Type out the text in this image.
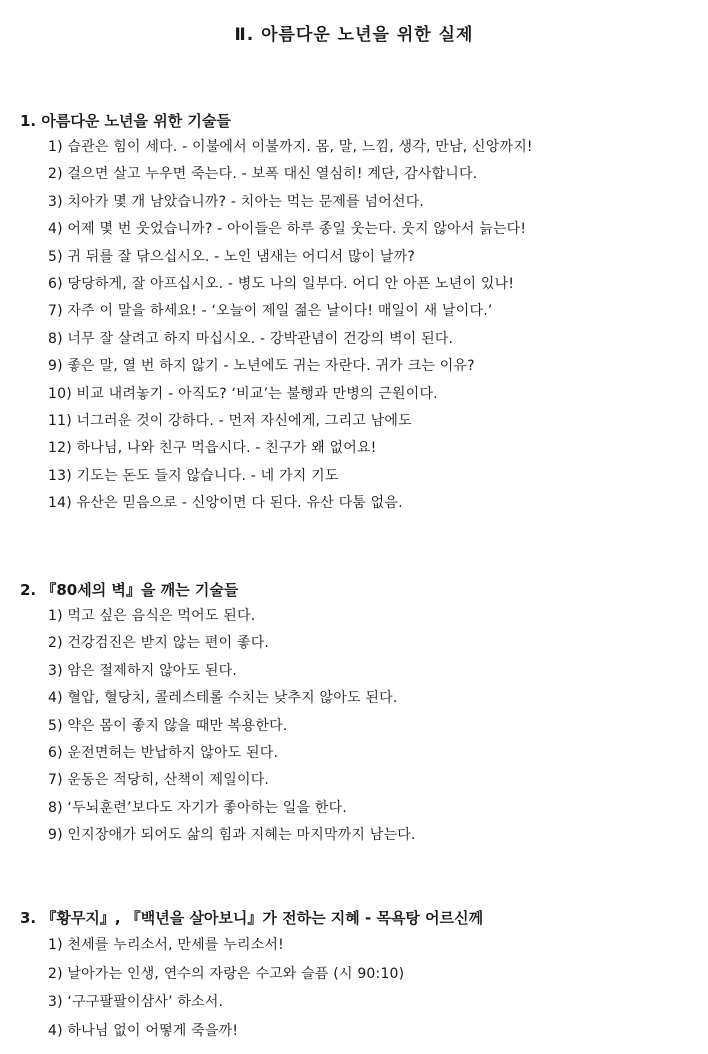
Ⅱ. 아름다운 노년을 위한 실제
1. 아름다운 노년을 위한 기술들
1) 습관은 힘이 세다. - 이불에서 이불까지. 몸, 말, 느낌, 생각, 만남, 신앙까지!
2) 걸으면 살고 누우면 죽는다. - 보폭 대신 열심히! 계단, 감사합니다.
3) 치아가 몇 개 남았습니까? - 치아는 먹는 문제를 넘어선다.
4) 어제 몇 번 웃었습니까? - 아이들은 하루 종일 웃는다. 웃지 않아서 늙는다!
5) 귀 뒤를 잘 닦으십시오. - 노인 냄새는 어디서 많이 날까?
6) 당당하게, 잘 아프십시오. - 병도 나의 일부다. 어디 안 아픈 노년이 있나!
7) 자주 이 말을 하세요! - ‘오늘이 제일 젊은 날이다! 매일이 새 날이다.’
8) 너무 잘 살려고 하지 마십시오. - 강박관념이 건강의 벽이 된다.
9) 좋은 말, 열 번 하지 않기 - 노년에도 귀는 자란다. 귀가 크는 이유?
10) 비교 내려놓기 - 아직도? ‘비교’는 불행과 만병의 근원이다.
11) 너그러운 것이 강하다. - 먼저 자신에게, 그리고 남에도
12) 하나님, 나와 친구 먹읍시다. - 친구가 왜 없어요!
13) 기도는 돈도 들지 않습니다. - 네 가지 기도
14) 유산은 믿음으로 - 신앙이면 다 된다. 유산 다툼 없음.
2. 『80세의 벽』을 깨는 기술들
1) 먹고 싶은 음식은 먹어도 된다.
2) 건강검진은 받지 않는 편이 좋다.
3) 암은 절제하지 않아도 된다.
4) 혈압, 혈당치, 콜레스테롤 수치는 낮추지 않아도 된다.
5) 약은 몸이 좋지 않을 때만 복용한다.
6) 운전면허는 반납하지 않아도 된다.
7) 운동은 적당히, 산책이 제일이다.
8) ‘두뇌훈련’보다도 자기가 좋아하는 일을 한다.
9) 인지장애가 되어도 삶의 힘과 지혜는 마지막까지 남는다.
3. 『황무지』, 『백년을 살아보니』가 전하는 지혜 - 목욕탕 어르신께
1) 천세를 누리소서, 만세를 누리소서!
2) 날아가는 인생, 연수의 자랑은 수고와 슬픔 (시 90:10)
3) ‘구구팔팔이삼사’ 하소서.
4) 하나님 없이 어떻게 죽을까!
